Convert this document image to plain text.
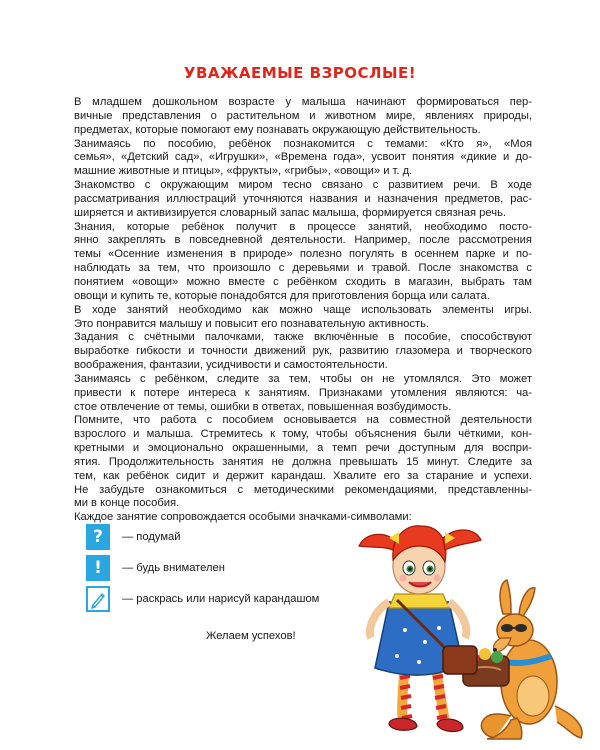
УВАЖАЕМЫЕ ВЗРОСЛЫЕ!
В младшем дошкольном возрасте у малыша начинают формироваться пер-
вичные представления о растительном и животном мире, явлениях природы,
предметах, которые помогают ему познавать окружающую действительность.
Занимаясь по пособию, ребёнок познакомится с темами: «Кто я», «Моя
семья», «Детский сад», «Игрушки», «Времена года», усвоит понятия «дикие и до-
машние животные и птицы», «фрукты», «грибы», «овощи» и т. д.
Знакомство с окружающим миром тесно связано с развитием речи. В ходе
рассматривания иллюстраций уточняются названия и назначения предметов, рас-
ширяется и активизируется словарный запас малыша, формируется связная речь.
Знания, которые ребёнок получит в процессе занятий, необходимо посто-
янно закреплять в повседневной деятельности. Например, после рассмотрения
темы «Осенние изменения в природе» полезно погулять в осеннем парке и по-
наблюдать за тем, что произошло с деревьями и травой. После знакомства с
понятием «овощи» можно вместе с ребёнком сходить в магазин, выбрать там
овощи и купить те, которые понадобятся для приготовления борща или салата.
В ходе занятий необходимо как можно чаще использовать элементы игры.
Это понравится малышу и повысит его познавательную активность.
Задания с счётными палочками, также включённые в пособие, способствуют
выработке гибкости и точности движений рук, развитию глазомера и творческого
воображения, фантазии, усидчивости и самостоятельности.
Занимаясь с ребёнком, следите за тем, чтобы он не утомлялся. Это может
привести к потере интереса к занятиям. Признаками утомления являются: ча-
стое отвлечение от темы, ошибки в ответах, повышенная возбудимость.
Помните, что работа с пособием основывается на совместной деятельности
взрослого и малыша. Стремитесь к тому, чтобы объяснения были чёткими, кон-
кретными и эмоционально окрашенными, а темп речи доступным для воспри-
ятия. Продолжительность занятия не должна превышать 15 минут. Следите за
тем, как ребёнок сидит и держит карандаш. Хвалите его за старание и успехи.
Не забудьте ознакомиться с методическими рекомендациями, представленны-
ми в конце пособия.
Каждое занятие сопровождается особыми значками-символами:
? — подумай
! — будь внимателен
— раскрась или нарисуй карандашом
Желаем успехов!
